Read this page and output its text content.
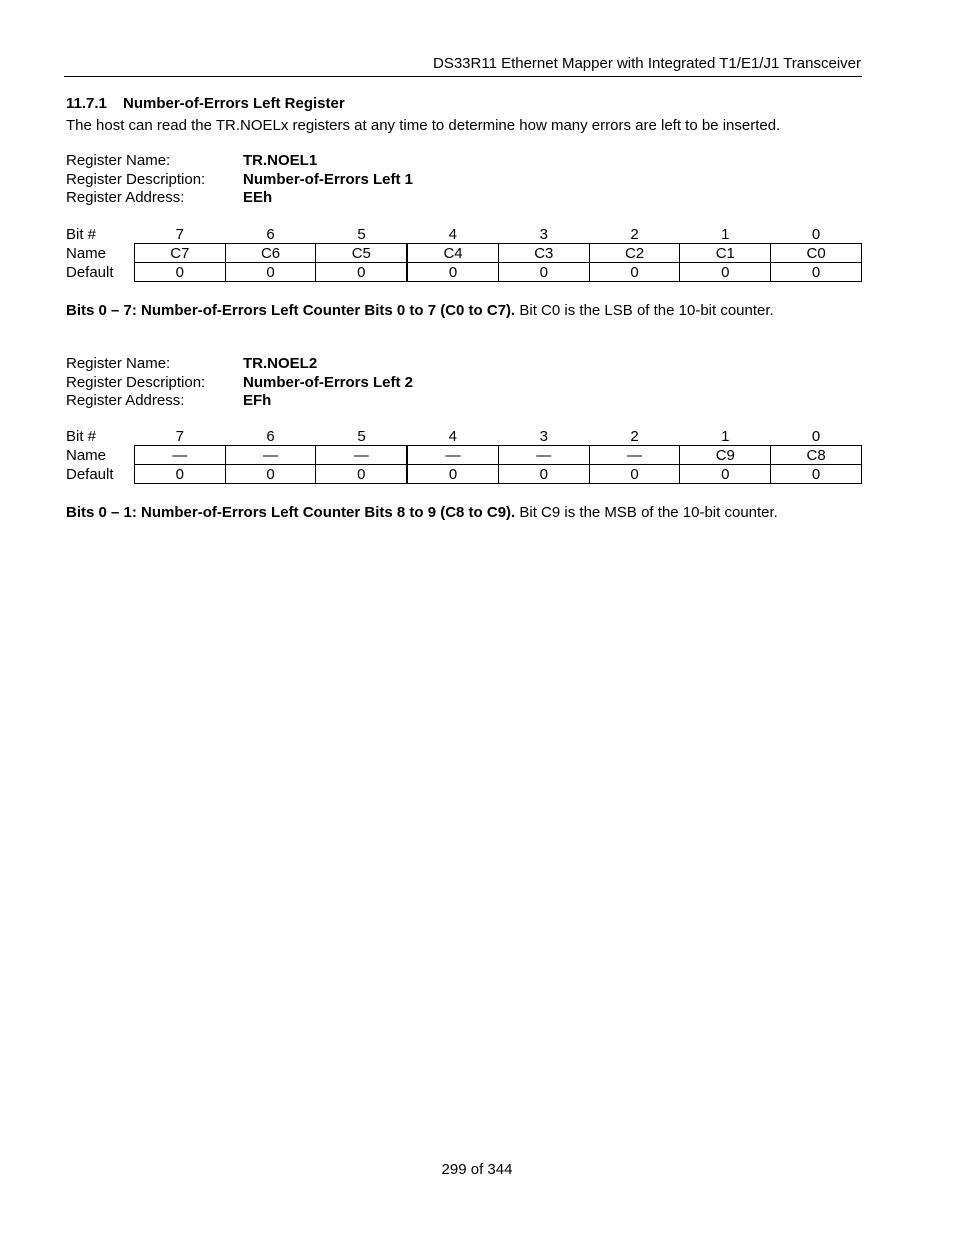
DS33R11 Ethernet Mapper with Integrated T1/E1/J1 Transceiver
11.7.1 Number-of-Errors Left Register
The host can read the TR.NOELx registers at any time to determine how many errors are left to be inserted.
Register Name:	TR.NOEL1
Register Description:	Number-of-Errors Left 1
Register Address:	EEh
Bit #	7	6	5	4	3	2	1	0
Name	C7	C6	C5	C4	C3	C2	C1	C0
Default	0	0	0	0	0	0	0	0
Bits 0 – 7: Number-of-Errors Left Counter Bits 0 to 7 (C0 to C7). Bit C0 is the LSB of the 10-bit counter.
Register Name:	TR.NOEL2
Register Description:	Number-of-Errors Left 2
Register Address:	EFh
Bit #	7	6	5	4	3	2	1	0
Name	—	—	—	—	—	—	C9	C8
Default	0	0	0	0	0	0	0	0
Bits 0 – 1: Number-of-Errors Left Counter Bits 8 to 9 (C8 to C9). Bit C9 is the MSB of the 10-bit counter.
299 of 344
